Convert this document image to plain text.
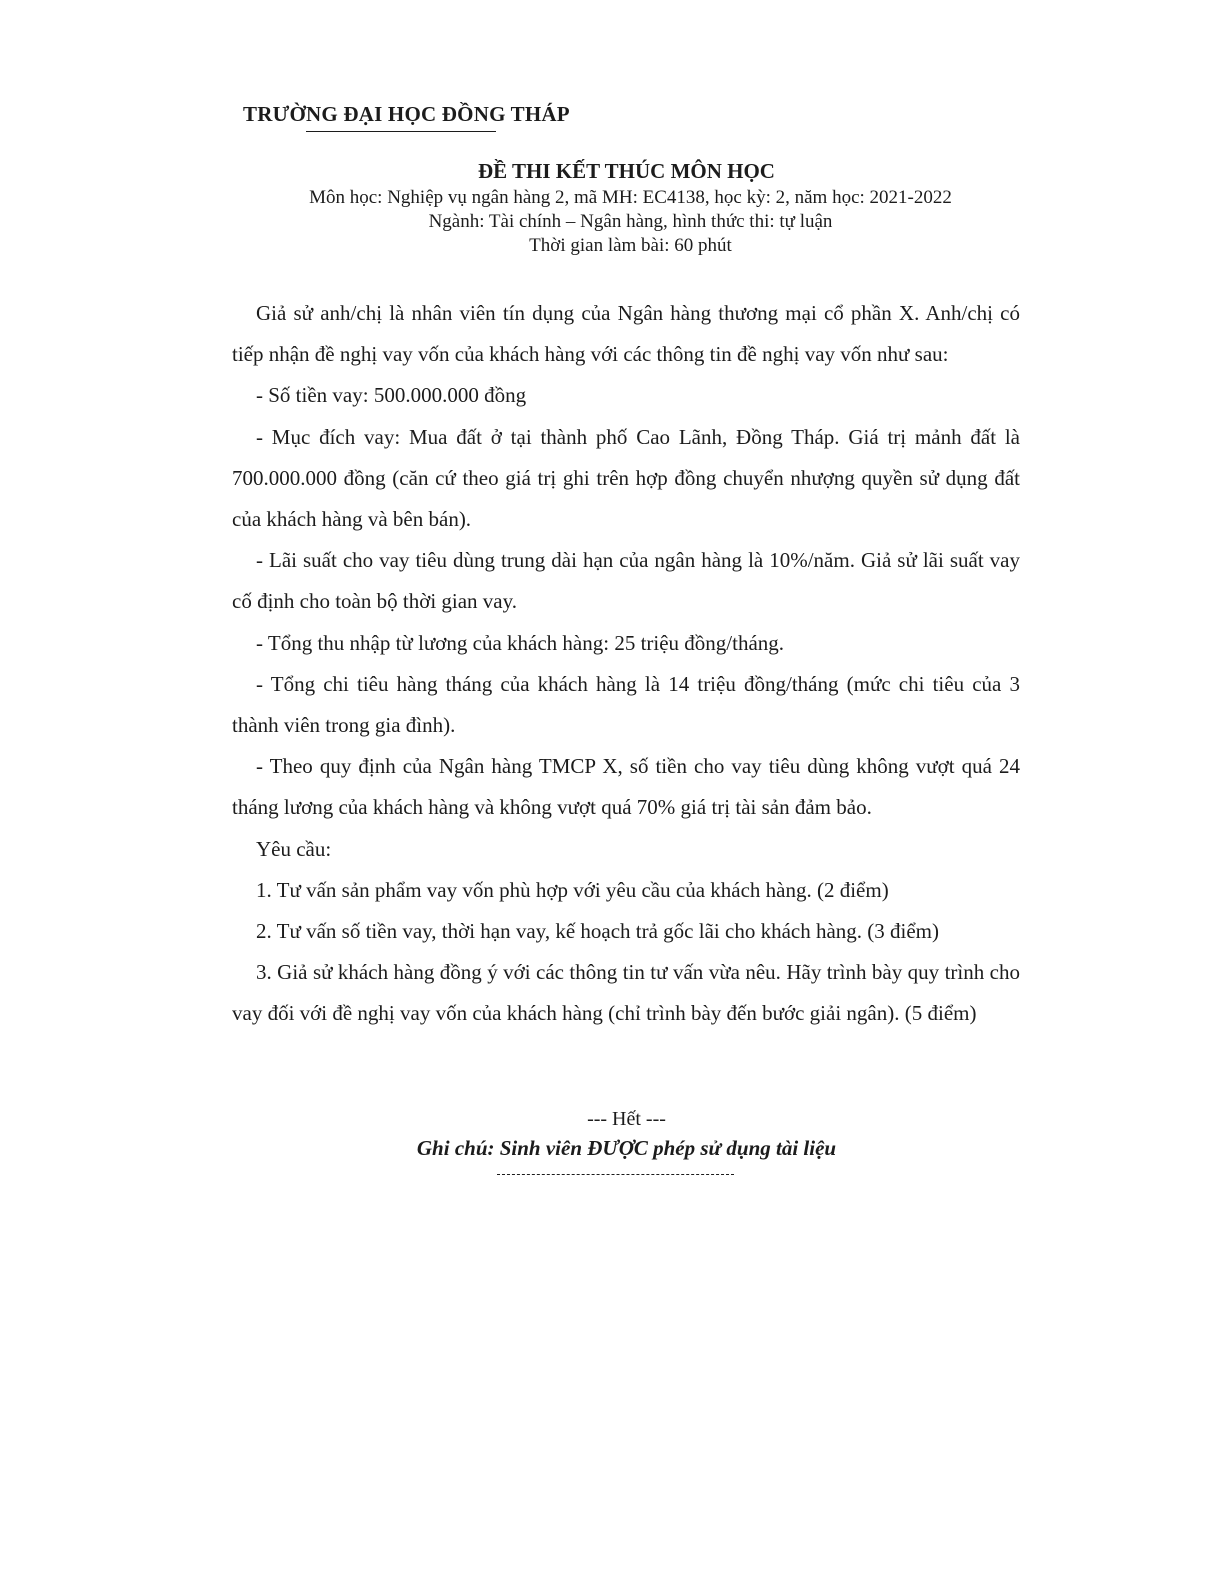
TRƯỜNG ĐẠI HỌC ĐỒNG THÁP
ĐỀ THI KẾT THÚC MÔN HỌC
Môn học: Nghiệp vụ ngân hàng 2, mã MH: EC4138, học kỳ: 2, năm học: 2021-2022
Ngành: Tài chính – Ngân hàng, hình thức thi: tự luận
Thời gian làm bài: 60 phút

Giả sử anh/chị là nhân viên tín dụng của Ngân hàng thương mại cổ phần X. Anh/chị có tiếp nhận đề nghị vay vốn của khách hàng với các thông tin đề nghị vay vốn như sau:

- Số tiền vay: 500.000.000 đồng

- Mục đích vay: Mua đất ở tại thành phố Cao Lãnh, Đồng Tháp. Giá trị mảnh đất là 700.000.000 đồng (căn cứ theo giá trị ghi trên hợp đồng chuyển nhượng quyền sử dụng đất của khách hàng và bên bán).

- Lãi suất cho vay tiêu dùng trung dài hạn của ngân hàng là 10%/năm. Giả sử lãi suất vay cố định cho toàn bộ thời gian vay.

- Tổng thu nhập từ lương của khách hàng: 25 triệu đồng/tháng.

- Tổng chi tiêu hàng tháng của khách hàng là 14 triệu đồng/tháng (mức chi tiêu của 3 thành viên trong gia đình).

- Theo quy định của Ngân hàng TMCP X, số tiền cho vay tiêu dùng không vượt quá 24 tháng lương của khách hàng và không vượt quá 70% giá trị tài sản đảm bảo.

Yêu cầu:

1. Tư vấn sản phẩm vay vốn phù hợp với yêu cầu của khách hàng. (2 điểm)

2. Tư vấn số tiền vay, thời hạn vay, kế hoạch trả gốc lãi cho khách hàng. (3 điểm)

3. Giả sử khách hàng đồng ý với các thông tin tư vấn vừa nêu. Hãy trình bày quy trình cho vay đối với đề nghị vay vốn của khách hàng (chỉ trình bày đến bước giải ngân). (5 điểm)

--- Hết ---
Ghi chú: Sinh viên ĐƯỢC phép sử dụng tài liệu
